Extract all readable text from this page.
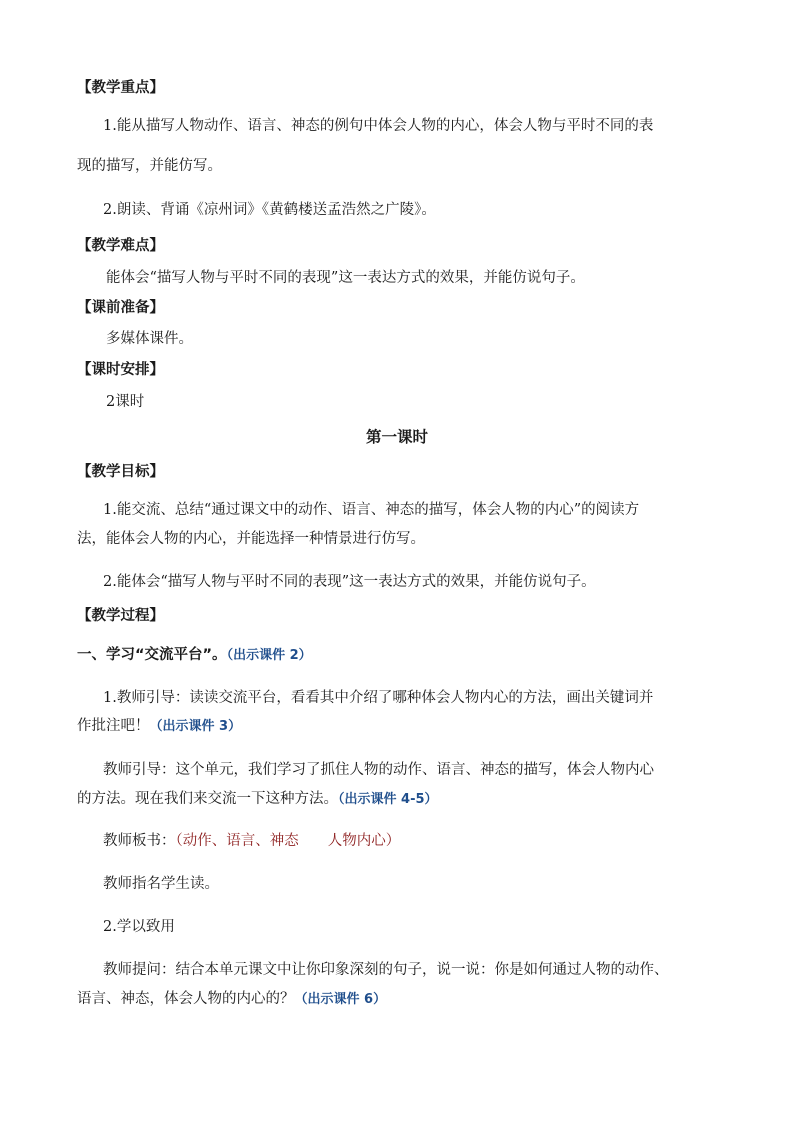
【教学重点】
1.能从描写人物动作、语言、神态的例句中体会人物的内心，体会人物与平时不同的表
现的描写，并能仿写。
2.朗读、背诵《凉州词》《黄鹤楼送孟浩然之广陵》。
【教学难点】
能体会“描写人物与平时不同的表现”这一表达方式的效果，并能仿说句子。
【课前准备】
多媒体课件。
【课时安排】
2课时
第一课时
【教学目标】
1.能交流、总结“通过课文中的动作、语言、神态的描写，体会人物的内心”的阅读方
法，能体会人物的内心，并能选择一种情景进行仿写。
2.能体会“描写人物与平时不同的表现”这一表达方式的效果，并能仿说句子。
【教学过程】
一、学习“交流平台”。（出示课件 2）
1.教师引导：读读交流平台，看看其中介绍了哪种体会人物内心的方法，画出关键词并
作批注吧！（出示课件 3）
教师引导：这个单元，我们学习了抓住人物的动作、语言、神态的描写，体会人物内心
的方法。现在我们来交流一下这种方法。（出示课件 4-5）
教师板书：（动作、语言、神态　　人物内心）
教师指名学生读。
2.学以致用
教师提问：结合本单元课文中让你印象深刻的句子，说一说：你是如何通过人物的动作、
语言、神态，体会人物的内心的？（出示课件 6）
